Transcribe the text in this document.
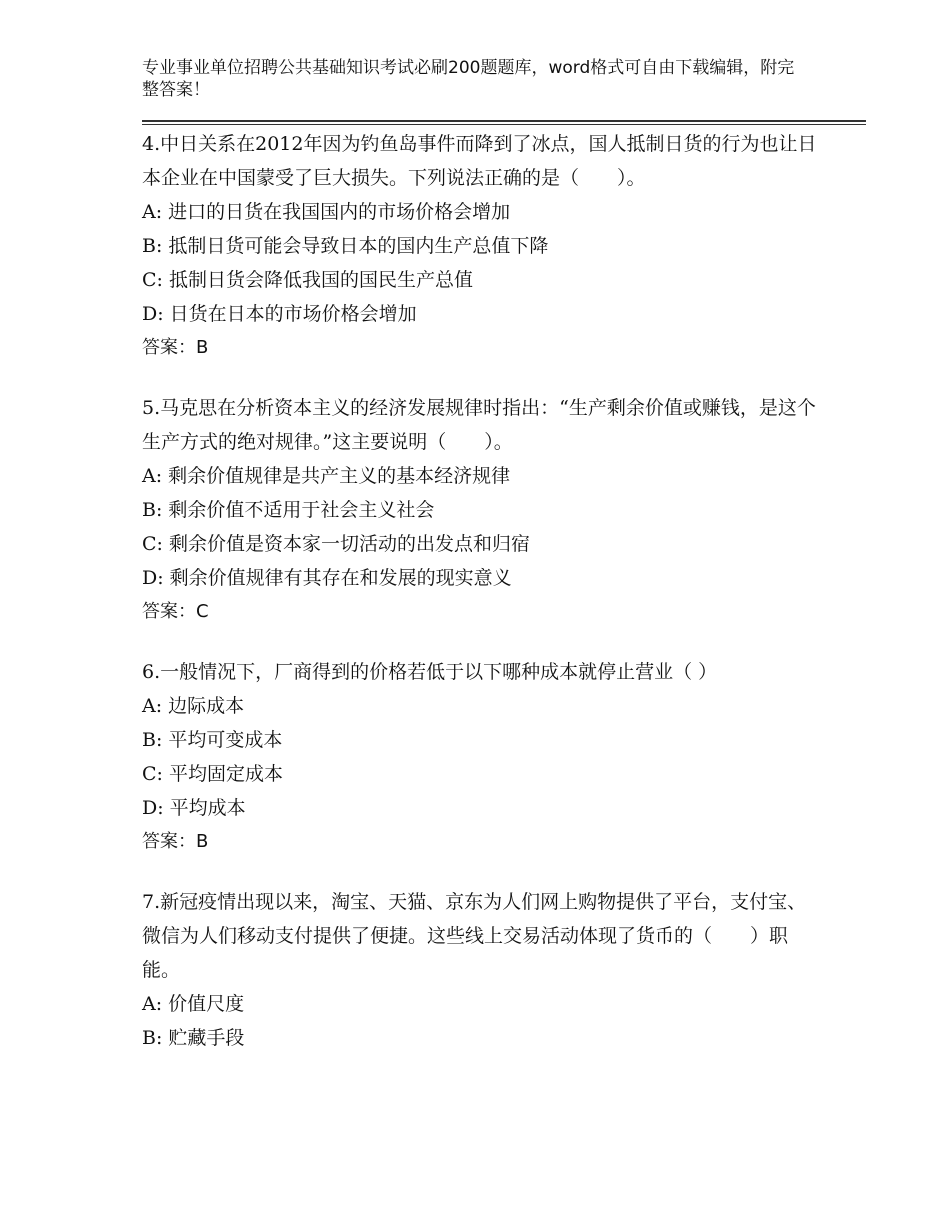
专业事业单位招聘公共基础知识考试必刷200题题库，word格式可自由下载编辑，附完整答案！

4.中日关系在2012年因为钓鱼岛事件而降到了冰点，国人抵制日货的行为也让日本企业在中国蒙受了巨大损失。下列说法正确的是（　　）。

A: 进口的日货在我国国内的市场价格会增加

B: 抵制日货可能会导致日本的国内生产总值下降

C: 抵制日货会降低我国的国民生产总值

D: 日货在日本的市场价格会增加

答案：B

5.马克思在分析资本主义的经济发展规律时指出：“生产剩余价值或赚钱，是这个生产方式的绝对规律。”这主要说明（　　）。

A: 剩余价值规律是共产主义的基本经济规律

B: 剩余价值不适用于社会主义社会

C: 剩余价值是资本家一切活动的出发点和归宿

D: 剩余价值规律有其存在和发展的现实意义

答案：C

6.一般情况下，厂商得到的价格若低于以下哪种成本就停止营业（ ）

A: 边际成本

B: 平均可变成本

C: 平均固定成本

D: 平均成本

答案：B

7.新冠疫情出现以来，淘宝、天猫、京东为人们网上购物提供了平台，支付宝、微信为人们移动支付提供了便捷。这些线上交易活动体现了货币的（　　）职能。

A: 价值尺度

B: 贮藏手段
